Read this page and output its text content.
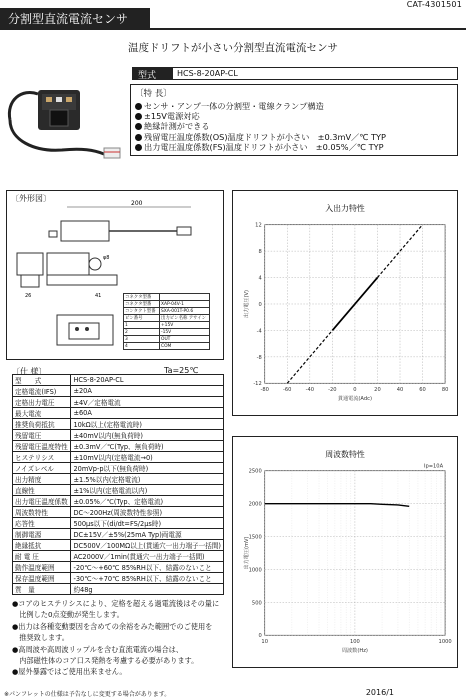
CAT-4301501
分割型直流電流センサ
温度ドリフトが小さい分割型直流電流センサ
型式	HCS-8-20AP-CL
〔特 長〕
センサ・アンプ一体の分割型・電線クランプ構造
±15V電源対応
絶縁計測ができる
残留電圧温度係数(OS)温度ドリフトが小さい　±0.3mV／℃ TYP
出力電圧温度係数(FS)温度ドリフトが小さい　±0.05%／℃ TYP
〔外形図〕
200
φ8
26	41	コネクタ型番	
コネクタ型番	XAP-04V-1
コンタクト型番	SXA-001T-P0.6
ピン番号	出力ピン名称 アサイン
1	+15V
2	-15V
3	OUT
4	COM
〔仕 様〕	Ta=25℃
型　　式	HCS-8-20AP-CL
定格電流(IFS)	±20A
定格出力電圧	±4V／定格電流
最大電流	±60A
推奨負荷抵抗	10kΩ以上(定格電流時)
残留電圧	±40mV以内(無負荷時)
残留電圧温度特性	±0.3mV／℃(Typ、無負荷時)
ヒステリシス	±10mV以内(定格電流→0)
ノイズレベル	20mVp-p以下(無負荷時)
出力精度	±1.5%以内(定格電流)
直線性	±1%以内(定格電流以内)
出力電圧温度係数	±0.05%／℃(Typ、定格電流)
周波数特性	DC〜200Hz(周波数特性参照)
応答性	500μs以下(di/dt=FS/2μs時)
制御電源	DC±15V／±5%(25mA Typ)両電源
絶縁抵抗	DC500V／100MΩ以上(貫通穴一出力端子一括間)
耐 電 圧	AC2000V／1min(貫通穴一出力端子一括間)
動作温度範囲	-20℃〜+60℃ 85%RH以下、結露のないこと
保存温度範囲	-30℃〜+70℃ 85%RH以下、結露のないこと
質　量	約48g
●コアのヒステリシスにより、定格を超える過電流後はその量に
　比例した0点変動が発生します。
●出力は各種変動要因を含めての余裕をみた範囲でのご使用を
　推奨致します。
●高周波や高周波リップルを含む直流電流の場合は、
　内部磁性体のコア口ス発熱を考慮する必要があります。
●屋外暴露ではご使用出来ません。
※パンフレットの仕様は予告なしに変更する場合があります。	2016/1
入出力特性
-80	-60	-40	-20	0	20	40	60	80
-12
-8
-4
0
4
8
12
貫通電流(Adc)
出力電圧(V)
周波数特性
10	100	1000
0
500
1000
1500
2000
2500
周波数(Hz)
出力電圧(mV)
Ip=10A
